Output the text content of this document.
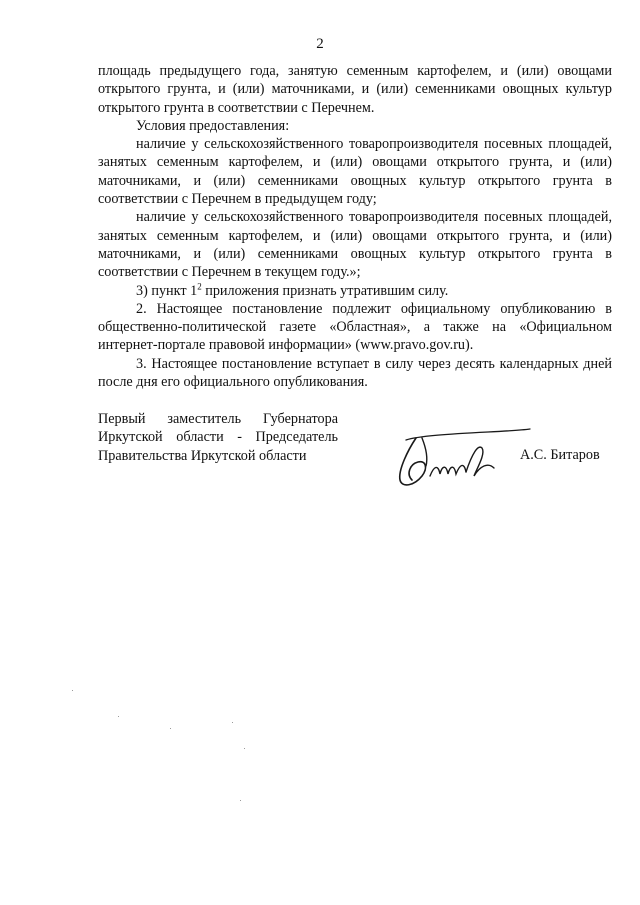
2

площадь предыдущего года, занятую семенным картофелем, и (или) овощами открытого грунта, и (или) маточниками, и (или) семенниками овощных культур открытого грунта в соответствии с Перечнем.

Условия предоставления:

наличие у сельскохозяйственного товаропроизводителя посевных площадей, занятых семенным картофелем, и (или) овощами открытого грунта, и (или) маточниками, и (или) семенниками овощных культур открытого грунта в соответствии с Перечнем в предыдущем году;

наличие у сельскохозяйственного товаропроизводителя посевных площадей, занятых семенным картофелем, и (или) овощами открытого грунта, и (или) маточниками, и (или) семенниками овощных культур открытого грунта в соответствии с Перечнем в текущем году.»;

3) пункт $1^2$ приложения признать утратившим силу.

2. Настоящее постановление подлежит официальному опубликованию в общественно-политической газете «Областная», а также на «Официальном интернет-портале правовой информации» (www.pravo.gov.ru).

3. Настоящее постановление вступает в силу через десять календарных дней после дня его официального опубликования.

Первый заместитель Губернатора
Иркутской области - Председатель
Правительства Иркутской области	А.С. Битаров
